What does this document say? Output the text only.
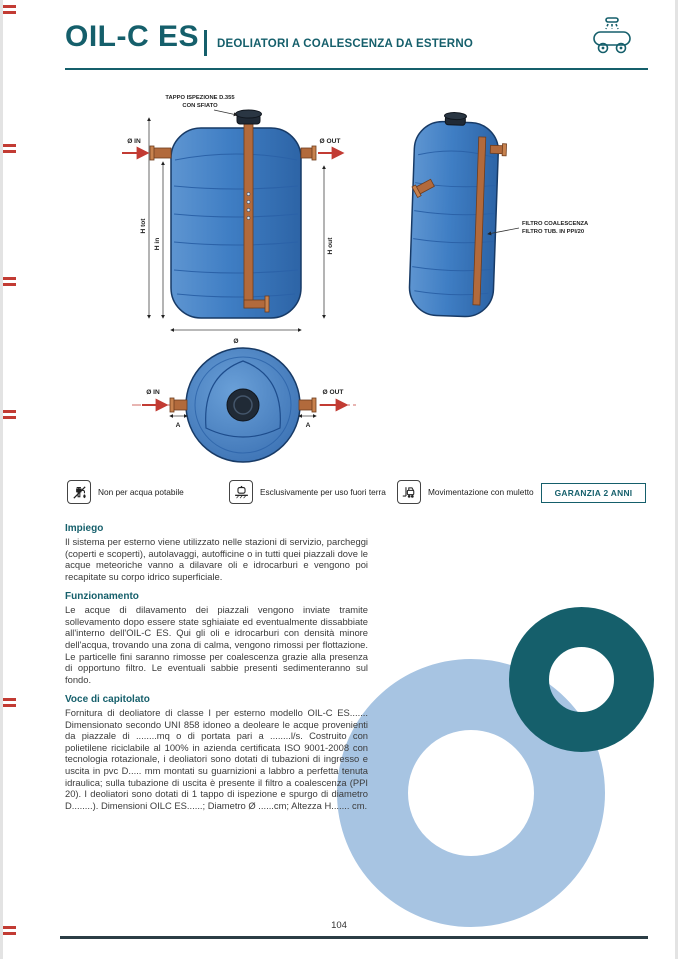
OIL-C ES DEOLIATORI A COALESCENZA DA ESTERNO
TAPPO ISPEZIONE D.355
CON SFIATO
Ø IN	Ø OUT
H tot
H in	H out
Ø
FILTRO COALESCENZA
FILTRO TUB. IN PPI/20
Ø IN	Ø OUT
A	A
Non per acqua potabile	Esclusivamente per uso fuori terra	Movimentazione con muletto	GARANZIA 2 ANNI
Impiego

Il sistema per esterno viene utilizzato nelle stazioni di servizio, parcheggi (coperti e scoperti), autolavaggi, autofficine o in tutti quei piazzali dove le acque meteoriche vanno a dilavare oli e idrocarburi e vengono poi recapitate su corpo idrico superficiale.

Funzionamento

Le acque di dilavamento dei piazzali vengono inviate tramite sollevamento dopo essere state sghiaiate ed eventualmente dissabbiate all'interno dell'OIL-C ES. Qui gli oli e idrocarburi con densità minore dell'acqua, trovando una zona di calma, vengono rimossi per flottazione. Le particelle fini saranno rimosse per coalescenza grazie alla presenza di opportuno filtro. Le eventuali sabbie presenti sedimenteranno sul fondo.

Voce di capitolato

Fornitura di deoliatore di classe I per esterno modello OIL-C ES....... Dimensionato secondo UNI 858 idoneo a deoleare le acque provenienti da piazzale di ........mq o di portata pari a ........l/s. Costruito con polietilene riciclabile al 100% in azienda certificata ISO 9001-2008 con tecnologia rotazionale, i deoliatori sono dotati di tubazioni di ingresso e uscita in pvc D..... mm montati su guarnizioni a labbro a perfetta tenuta idraulica; sulla tubazione di uscita è presente il filtro a coalescenza (PPI 20). I deoliatori sono dotati di 1 tappo di ispezione e spurgo di diametro D........). Dimensioni OILC ES......; Diametro Ø ......cm; Altezza H....... cm.

104
